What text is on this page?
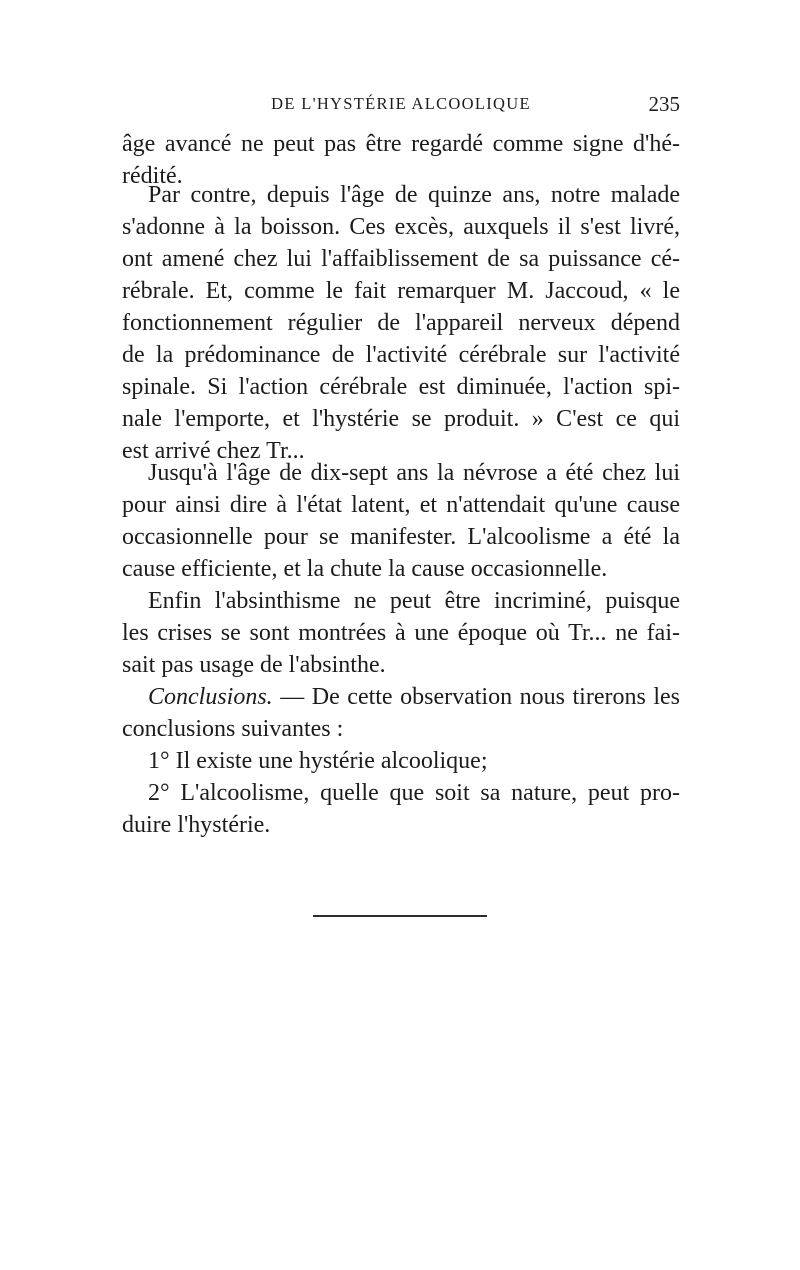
DE L'HYSTÉRIE ALCOOLIQUE	235
âge avancé ne peut pas être regardé comme signe d'hé-
rédité.
Par contre, depuis l'âge de quinze ans, notre malade
s'adonne à la boisson. Ces excès, auxquels il s'est livré,
ont amené chez lui l'affaiblissement de sa puissance cé-
rébrale. Et, comme le fait remarquer M. Jaccoud, « le
fonctionnement régulier de l'appareil nerveux dépend
de la prédominance de l'activité cérébrale sur l'activité
spinale. Si l'action cérébrale est diminuée, l'action spi-
nale l'emporte, et l'hystérie se produit. » C'est ce qui
est arrivé chez Tr...
Jusqu'à l'âge de dix-sept ans la névrose a été chez lui
pour ainsi dire à l'état latent, et n'attendait qu'une cause
occasionnelle pour se manifester. L'alcoolisme a été la
cause efficiente, et la chute la cause occasionnelle.
Enfin l'absinthisme ne peut être incriminé, puisque
les crises se sont montrées à une époque où Tr... ne fai-
sait pas usage de l'absinthe.
Conclusions. — De cette observation nous tirerons les
conclusions suivantes :
1° Il existe une hystérie alcoolique;
2° L'alcoolisme, quelle que soit sa nature, peut pro-
duire l'hystérie.
